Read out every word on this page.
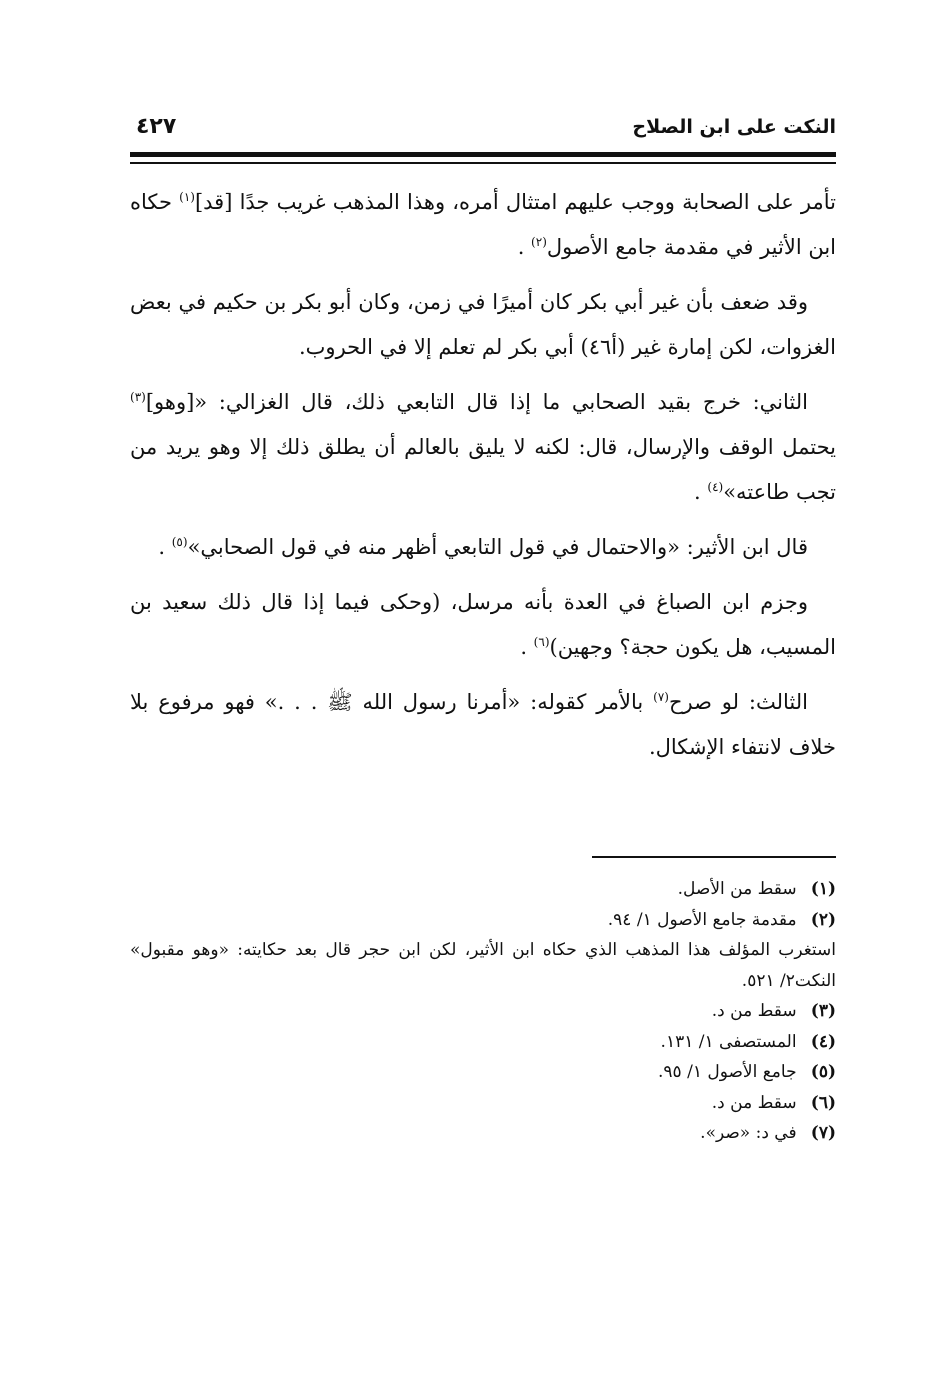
النكت على ابن الصلاح
٤٢٧

تأمر على الصحابة ووجب عليهم امتثال أمره، وهذا المذهب غريب جدًا [قد]$^{(١)}$ حكاه ابن الأثير في مقدمة جامع الأصول$^{(٢)}$ .

وقد ضعف بأن غير أبي بكر كان أميرًا في زمن، وكان أبو بكر بن حكيم في بعض الغزوات، لكن إمارة غير (أ٤٦) أبي بكر لم تعلم إلا في الحروب.

الثاني: خرج بقيد الصحابي ما إذا قال التابعي ذلك، قال الغزالي: «[وهو]$^{(٣)}$ يحتمل الوقف والإرسال، قال: لكنه لا يليق بالعالم أن يطلق ذلك إلا وهو يريد من تجب طاعته»$^{(٤)}$ .

قال ابن الأثير: «والاحتمال في قول التابعي أظهر منه في قول الصحابي»$^{(٥)}$ .

وجزم ابن الصباغ في العدة بأنه مرسل، (وحكى فيما إذا قال ذلك سعيد بن المسيب، هل يكون حجة؟ وجهين)$^{(٦)}$ .

الثالث: لو صرح$^{(٧)}$ بالأمر كقوله: «أمرنا رسول الله ﷺ . . .» فهو مرفوع بلا خلاف لانتفاء الإشكال.

(١) سقط من الأصل.
(٢) مقدمة جامع الأصول ١/ ٩٤.
استغرب المؤلف هذا المذهب الذي حكاه ابن الأثير، لكن ابن حجر قال بعد حكايته: «وهو مقبول» النكت٢/ ٥٢١.
(٣) سقط من د.
(٤) المستصفى ١/ ١٣١.
(٥) جامع الأصول ١/ ٩٥.
(٦) سقط من د.
(٧) في د: «صر».
